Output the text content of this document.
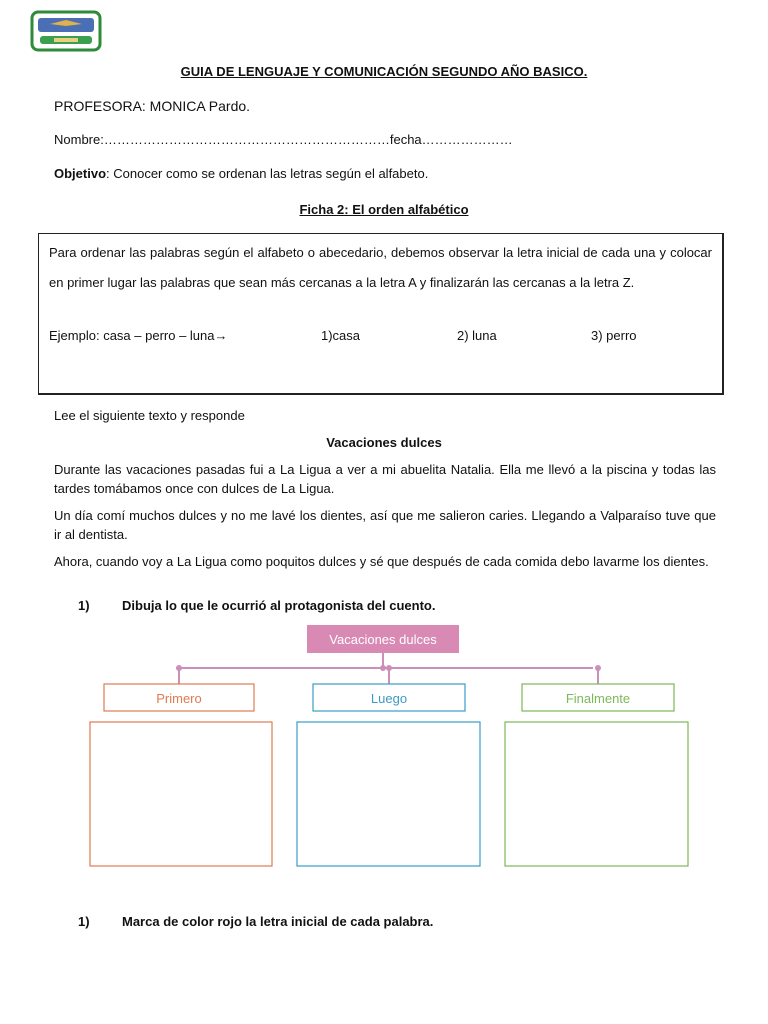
GUIA DE LENGUAJE Y COMUNICACIÓN SEGUNDO AÑO BASICO.
PROFESORA: MONICA Pardo.
Nombre:…………………………………………………………fecha…………………
Objetivo: Conocer como se ordenan las letras según el alfabeto.
Ficha 2: El orden alfabético
Para ordenar las palabras según el alfabeto o abecedario, debemos observar la letra inicial de cada una y colocar en primer lugar las palabras que sean más cercanas a la letra A y finalizarán las cercanas a la letra Z.
Ejemplo: casa – perro – luna→	1)casa	2) luna	3) perro
Lee el siguiente texto y responde
Vacaciones dulces
Durante las vacaciones pasadas fui a La Ligua a ver a mi abuelita Natalia. Ella me llevó a la piscina y todas las tardes tomábamos once con dulces de La Ligua.
Un día comí muchos dulces y no me lavé los dientes, así que me salieron caries. Llegando a Valparaíso tuve que ir al dentista.
Ahora, cuando voy a La Ligua como poquitos dulces y sé que después de cada comida debo lavarme los dientes.
1) Dibuja lo que le ocurrió al protagonista del cuento.
Vacaciones dulces
Primero	Luego	Finalmente
1) Marca de color rojo la letra inicial de cada palabra.
